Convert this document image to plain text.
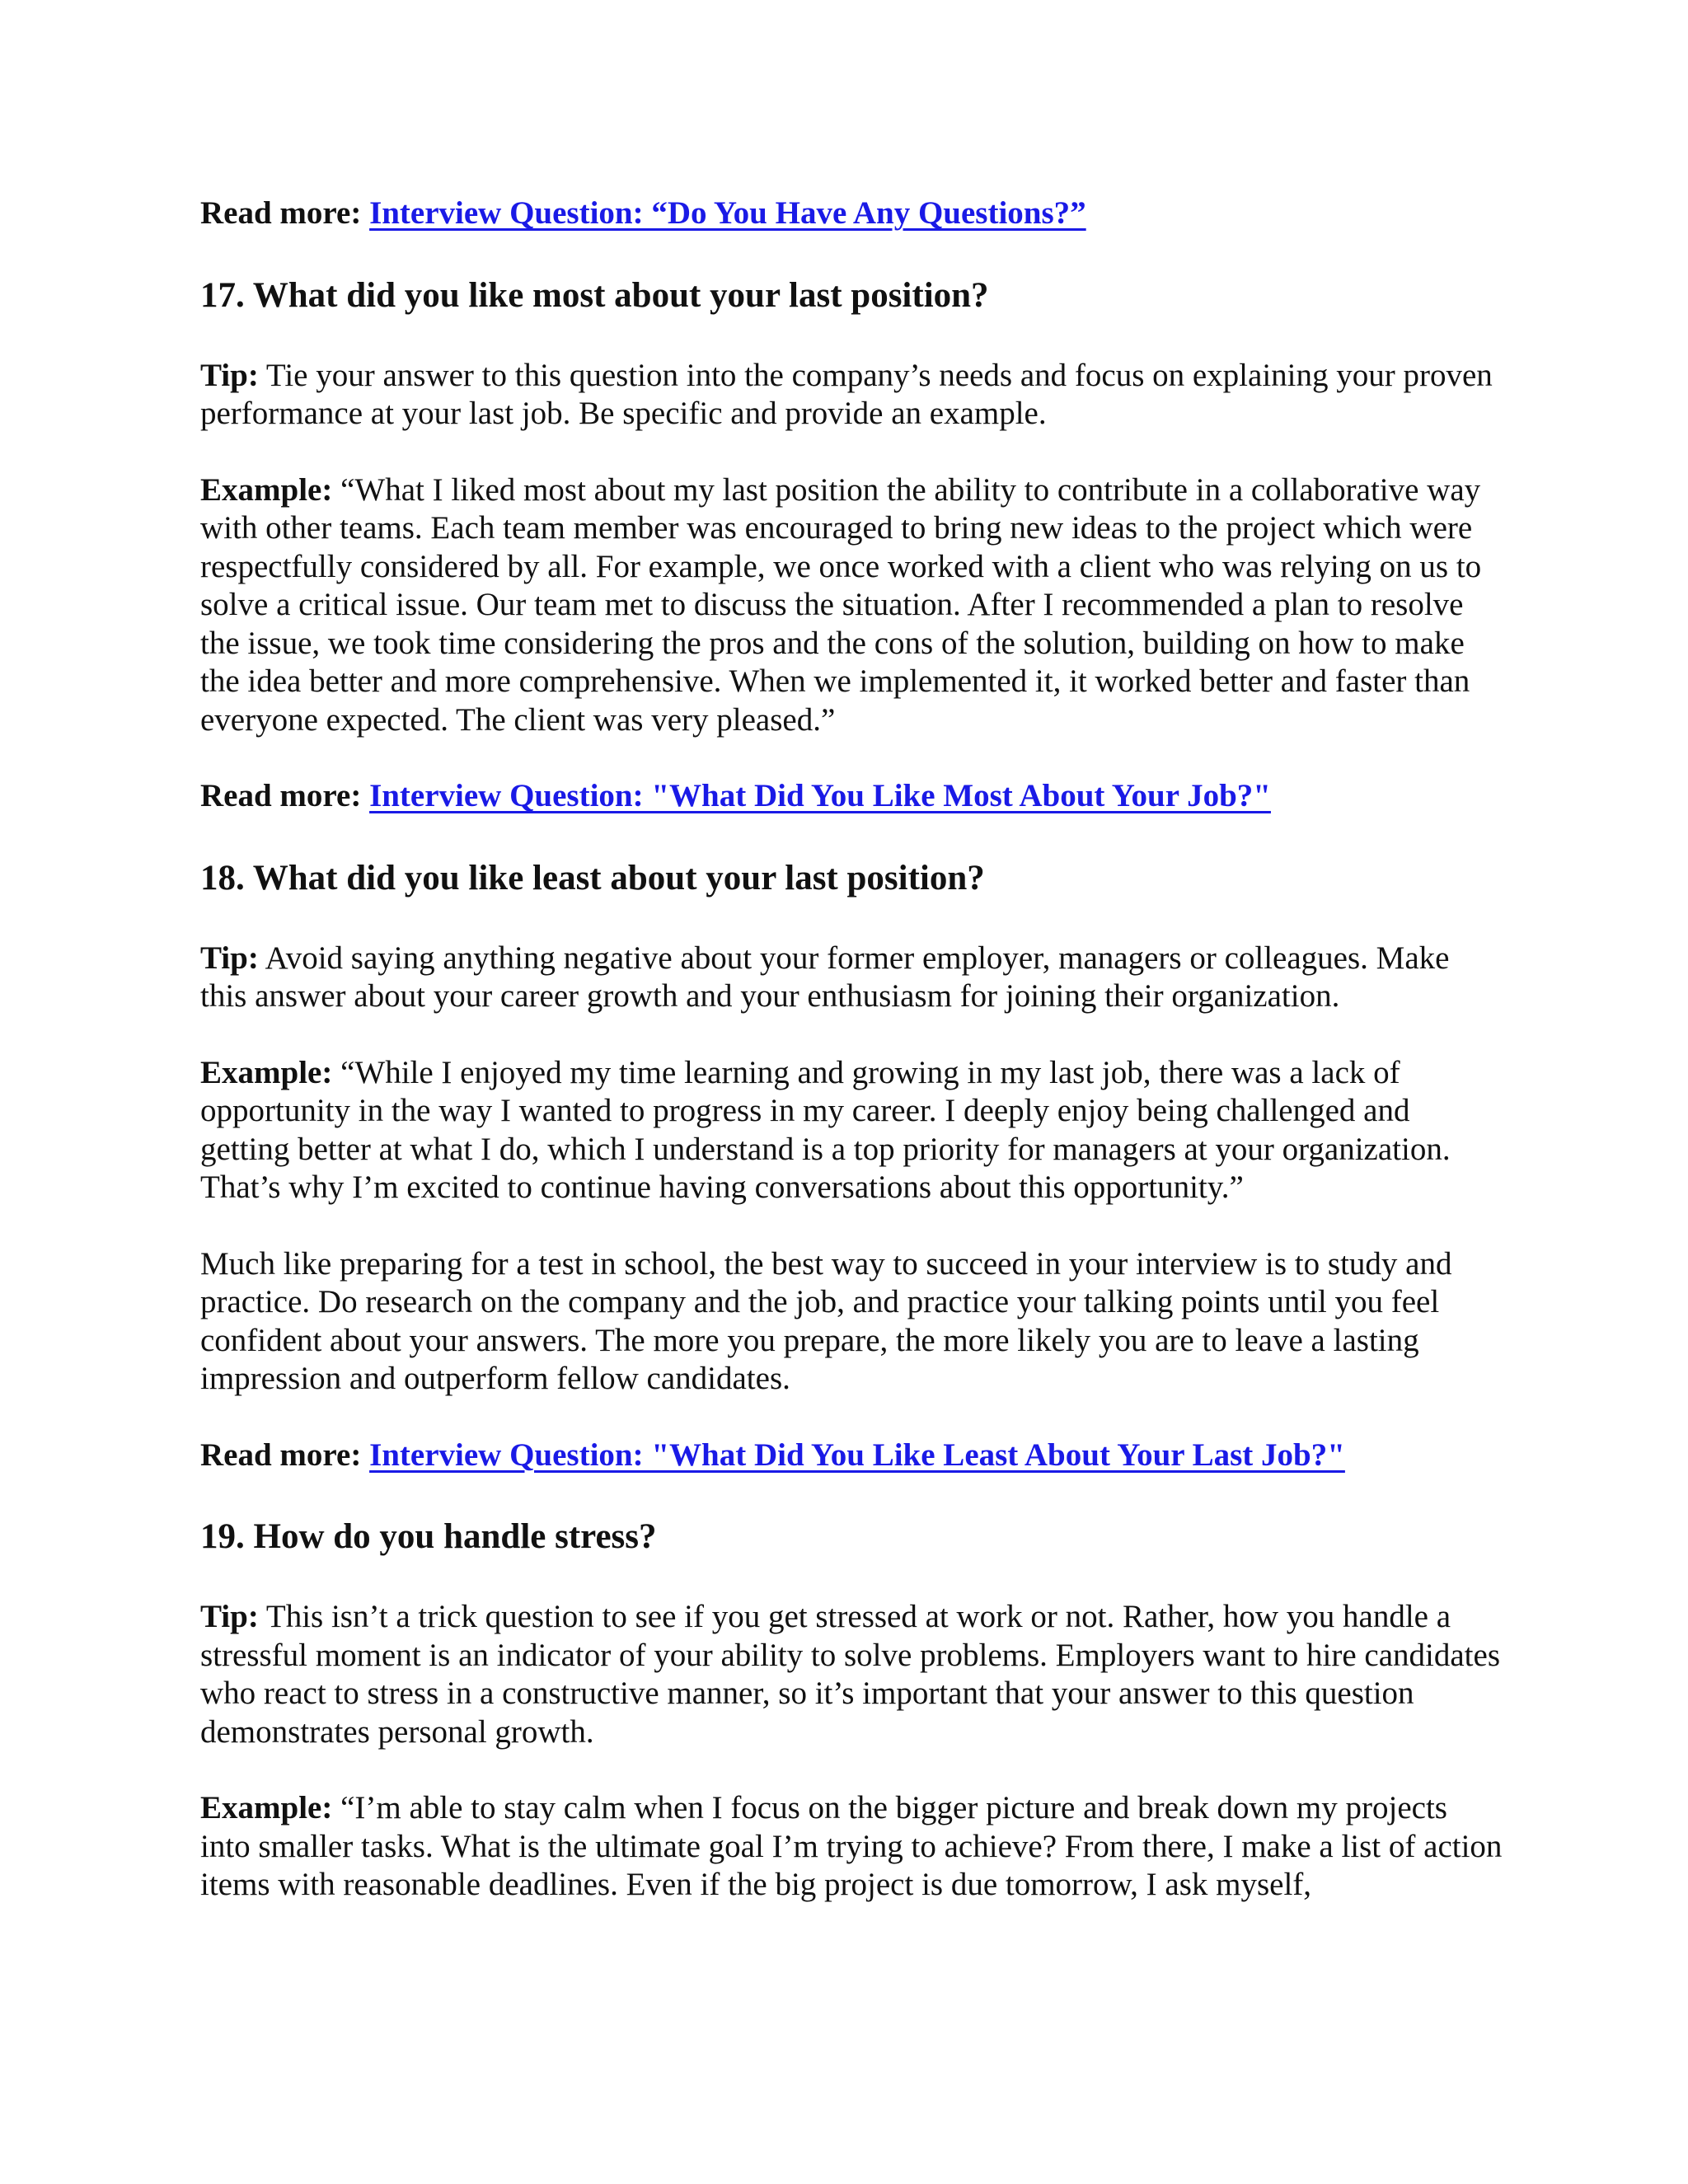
Read more: Interview Question: “Do You Have Any Questions?”

17. What did you like most about your last position?

Tip: Tie your answer to this question into the company’s needs and focus on explaining your proven performance at your last job. Be specific and provide an example.

Example: “What I liked most about my last position the ability to contribute in a collaborative way with other teams. Each team member was encouraged to bring new ideas to the project which were respectfully considered by all. For example, we once worked with a client who was relying on us to solve a critical issue. Our team met to discuss the situation. After I recommended a plan to resolve the issue, we took time considering the pros and the cons of the solution, building on how to make the idea better and more comprehensive. When we implemented it, it worked better and faster than everyone expected. The client was very pleased.”

Read more: Interview Question: "What Did You Like Most About Your Job?"

18. What did you like least about your last position?

Tip: Avoid saying anything negative about your former employer, managers or colleagues. Make this answer about your career growth and your enthusiasm for joining their organization.

Example: “While I enjoyed my time learning and growing in my last job, there was a lack of opportunity in the way I wanted to progress in my career. I deeply enjoy being challenged and getting better at what I do, which I understand is a top priority for managers at your organization. That’s why I’m excited to continue having conversations about this opportunity.”

Much like preparing for a test in school, the best way to succeed in your interview is to study and practice. Do research on the company and the job, and practice your talking points until you feel confident about your answers. The more you prepare, the more likely you are to leave a lasting impression and outperform fellow candidates.

Read more: Interview Question: "What Did You Like Least About Your Last Job?"

19. How do you handle stress?

Tip: This isn’t a trick question to see if you get stressed at work or not. Rather, how you handle a stressful moment is an indicator of your ability to solve problems. Employers want to hire candidates who react to stress in a constructive manner, so it’s important that your answer to this question demonstrates personal growth.

Example: “I’m able to stay calm when I focus on the bigger picture and break down my projects into smaller tasks. What is the ultimate goal I’m trying to achieve? From there, I make a list of action items with reasonable deadlines. Even if the big project is due tomorrow, I ask myself,
